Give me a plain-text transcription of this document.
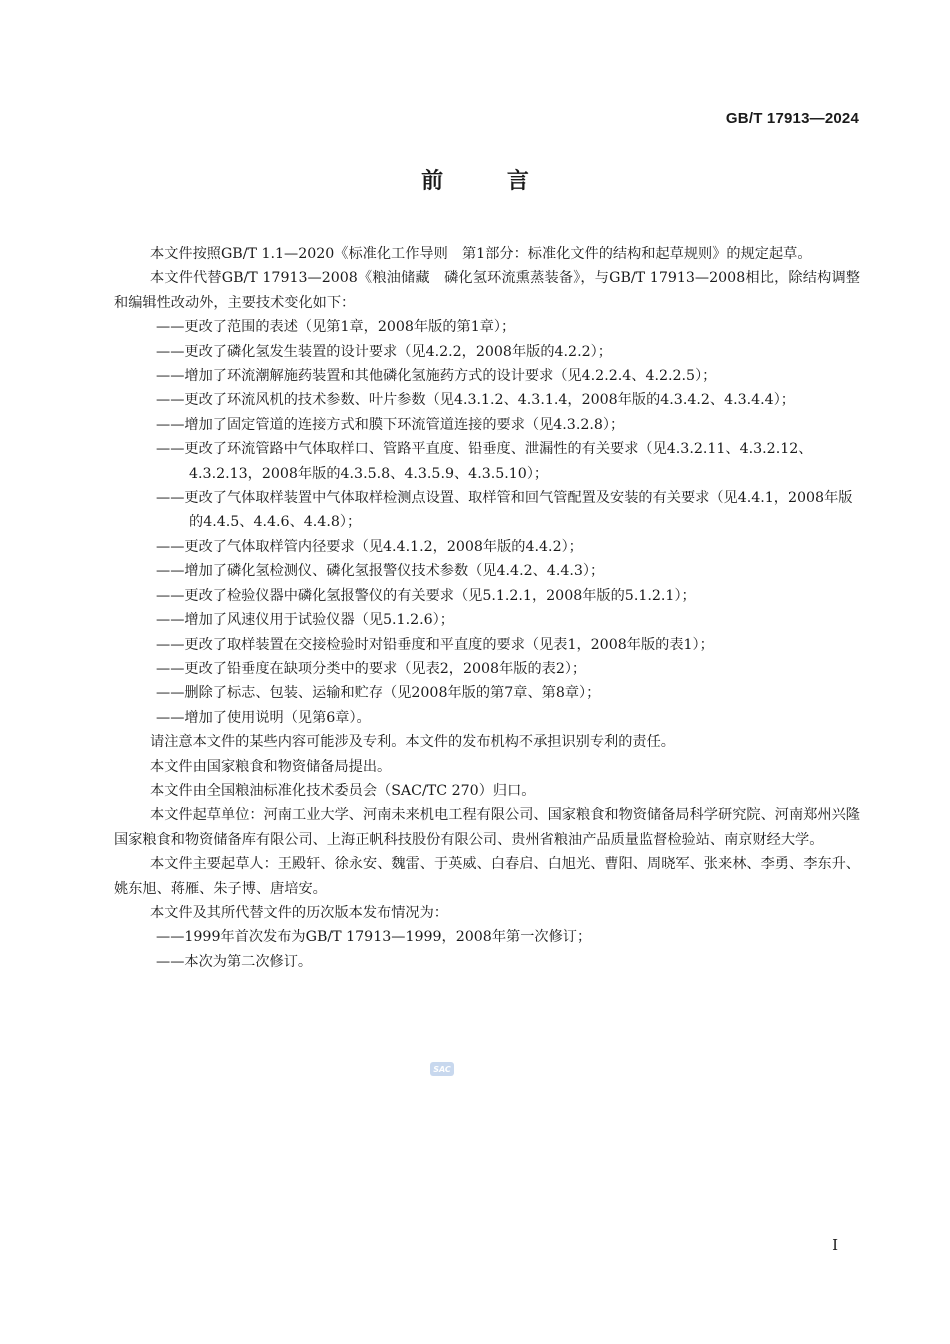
GB/T 17913—2024
前 言

本文件按照GB/T 1.1—2020《标准化工作导则　第1部分：标准化文件的结构和起草规则》的规定起草。

本文件代替GB/T 17913—2008《粮油储藏　磷化氢环流熏蒸装备》，与GB/T 17913—2008相比，除结构调整和编辑性改动外，主要技术变化如下：

——更改了范围的表述（见第1章，2008年版的第1章）；

——更改了磷化氢发生装置的设计要求（见4.2.2，2008年版的4.2.2）；

——增加了环流潮解施药装置和其他磷化氢施药方式的设计要求（见4.2.2.4、4.2.2.5）；

——更改了环流风机的技术参数、叶片参数（见4.3.1.2、4.3.1.4，2008年版的4.3.4.2、4.3.4.4）；

——增加了固定管道的连接方式和膜下环流管道连接的要求（见4.3.2.8）；

——更改了环流管路中气体取样口、管路平直度、铅垂度、泄漏性的有关要求（见4.3.2.11、4.3.2.12、4.3.2.13，2008年版的4.3.5.8、4.3.5.9、4.3.5.10）；

——更改了气体取样装置中气体取样检测点设置、取样管和回气管配置及安装的有关要求（见4.4.1，2008年版的4.4.5、4.4.6、4.4.8）；

——更改了气体取样管内径要求（见4.4.1.2，2008年版的4.4.2）；

——增加了磷化氢检测仪、磷化氢报警仪技术参数（见4.4.2、4.4.3）；

——更改了检验仪器中磷化氢报警仪的有关要求（见5.1.2.1，2008年版的5.1.2.1）；

——增加了风速仪用于试验仪器（见5.1.2.6）；

——更改了取样装置在交接检验时对铅垂度和平直度的要求（见表1，2008年版的表1）；

——更改了铅垂度在缺项分类中的要求（见表2，2008年版的表2）；

——删除了标志、包装、运输和贮存（见2008年版的第7章、第8章）；

——增加了使用说明（见第6章）。

请注意本文件的某些内容可能涉及专利。本文件的发布机构不承担识别专利的责任。

本文件由国家粮食和物资储备局提出。

本文件由全国粮油标准化技术委员会（SAC/TC 270）归口。

本文件起草单位：河南工业大学、河南未来机电工程有限公司、国家粮食和物资储备局科学研究院、河南郑州兴隆国家粮食和物资储备库有限公司、上海正帆科技股份有限公司、贵州省粮油产品质量监督检验站、南京财经大学。

本文件主要起草人：王殿轩、徐永安、魏雷、于英威、白春启、白旭光、曹阳、周晓军、张来林、李勇、李东升、姚东旭、蒋雁、朱子博、唐培安。

本文件及其所代替文件的历次版本发布情况为：

——1999年首次发布为GB/T 17913—1999，2008年第一次修订；

——本次为第二次修订。

SAC
I
